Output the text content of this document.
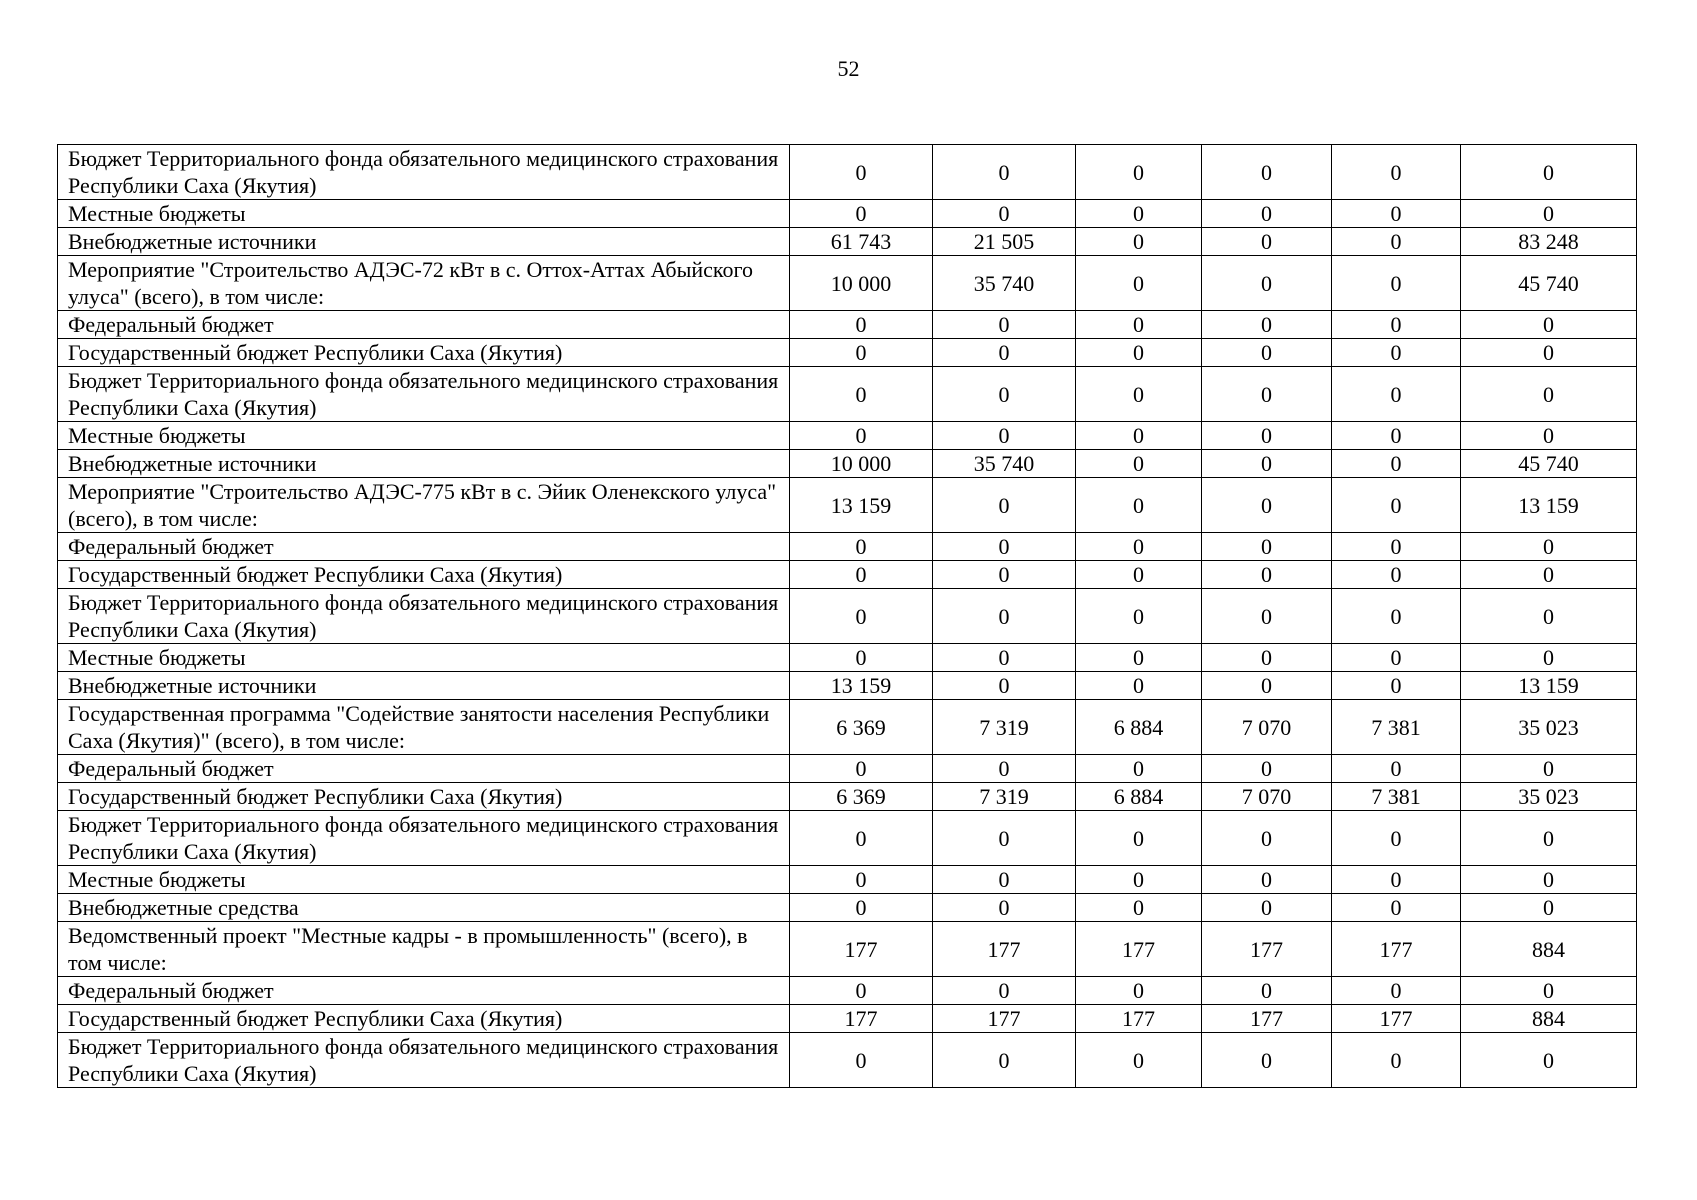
52
Бюджет Территориального фонда обязательного медицинского страхования Республики Саха (Якутия)	0	0	0	0	0	0
Местные бюджеты	0	0	0	0	0	0
Внебюджетные источники	61 743	21 505	0	0	0	83 248
Мероприятие "Строительство АДЭС-72 кВт в с. Оттох-Аттах Абыйского улуса" (всего), в том числе:	10 000	35 740	0	0	0	45 740
Федеральный бюджет	0	0	0	0	0	0
Государственный бюджет Республики Саха (Якутия)	0	0	0	0	0	0
Бюджет Территориального фонда обязательного медицинского страхования Республики Саха (Якутия)	0	0	0	0	0	0
Местные бюджеты	0	0	0	0	0	0
Внебюджетные источники	10 000	35 740	0	0	0	45 740
Мероприятие "Строительство АДЭС-775 кВт в с. Эйик Оленекского улуса" (всего), в том числе:	13 159	0	0	0	0	13 159
Федеральный бюджет	0	0	0	0	0	0
Государственный бюджет Республики Саха (Якутия)	0	0	0	0	0	0
Бюджет Территориального фонда обязательного медицинского страхования Республики Саха (Якутия)	0	0	0	0	0	0
Местные бюджеты	0	0	0	0	0	0
Внебюджетные источники	13 159	0	0	0	0	13 159
Государственная программа "Содействие занятости населения Республики Саха (Якутия)" (всего), в том числе:	6 369	7 319	6 884	7 070	7 381	35 023
Федеральный бюджет	0	0	0	0	0	0
Государственный бюджет Республики Саха (Якутия)	6 369	7 319	6 884	7 070	7 381	35 023
Бюджет Территориального фонда обязательного медицинского страхования Республики Саха (Якутия)	0	0	0	0	0	0
Местные бюджеты	0	0	0	0	0	0
Внебюджетные средства	0	0	0	0	0	0
Ведомственный проект "Местные кадры - в промышленность" (всего), в том числе:	177	177	177	177	177	884
Федеральный бюджет	0	0	0	0	0	0
Государственный бюджет Республики Саха (Якутия)	177	177	177	177	177	884
Бюджет Территориального фонда обязательного медицинского страхования Республики Саха (Якутия)	0	0	0	0	0	0
